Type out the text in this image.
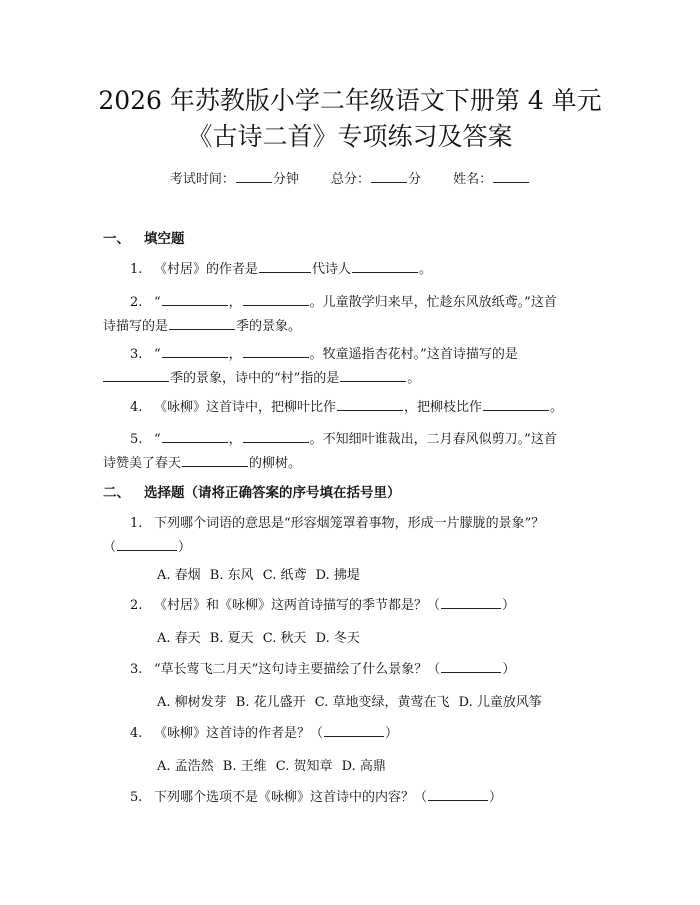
2026 年苏教版小学二年级语文下册第 4 单元
《古诗二首》专项练习及答案
考试时间：	分钟 总分：	分 姓名：
一、 填空题
1. 《村居》的作者是	代诗人	。
2. “	，	。儿童散学归来早，忙趁东风放纸鸢。”这首
诗描写的是	季的景象。
3. “	，	。牧童遥指杏花村。”这首诗描写的是
季的景象，诗中的“村”指的是	。
4. 《咏柳》这首诗中，把柳叶比作	，把柳枝比作	。
5. “	，	。不知细叶谁裁出，二月春风似剪刀。”这首
诗赞美了春天	的柳树。
二、 选择题（请将正确答案的序号填在括号里）
1. 下列哪个词语的意思是“形容烟笼罩着事物，形成一片朦胧的景象”？
（	）
A. 春烟 B. 东风 C. 纸鸢 D. 拂堤
2. 《村居》和《咏柳》这两首诗描写的季节都是？（	）
A. 春天 B. 夏天 C. 秋天 D. 冬天
3. “草长莺飞二月天”这句诗主要描绘了什么景象？（	）
A. 柳树发芽 B. 花儿盛开 C. 草地变绿，黄莺在飞 D. 儿童放风筝
4. 《咏柳》这首诗的作者是？（	）
A. 孟浩然 B. 王维 C. 贺知章 D. 高鼎
5. 下列哪个选项不是《咏柳》这首诗中的内容？（	）
